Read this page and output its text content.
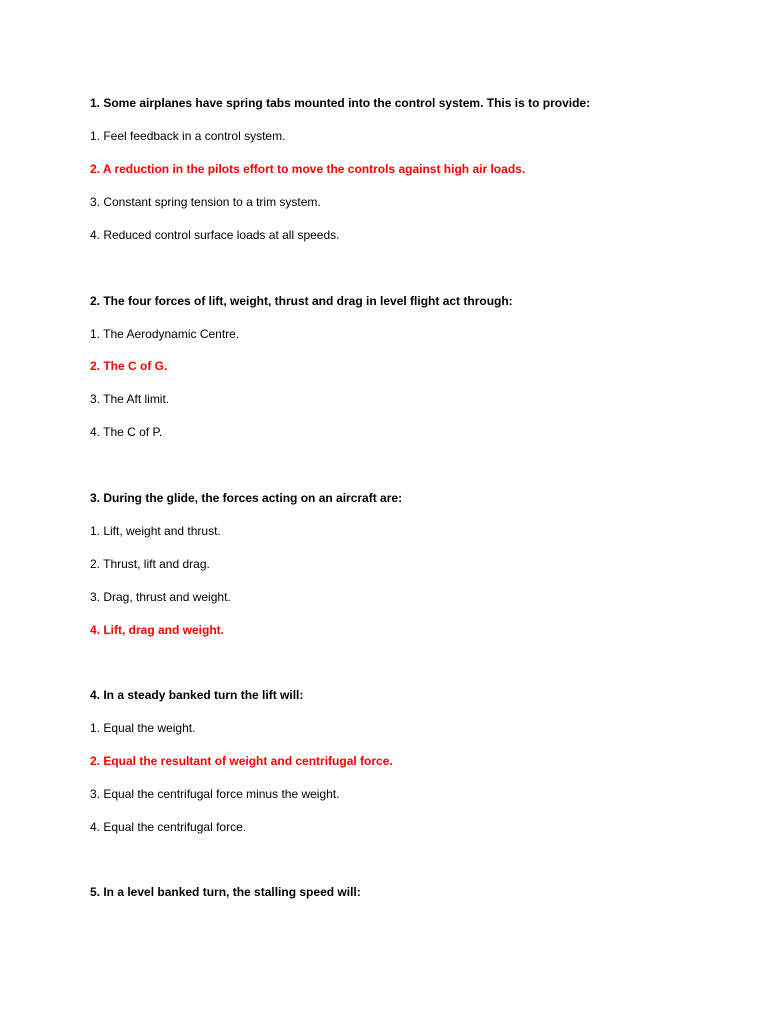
1. Some airplanes have spring tabs mounted into the control system. This is to provide:
1. Feel feedback in a control system.
2. A reduction in the pilots effort to move the controls against high air loads.
3. Constant spring tension to a trim system.
4. Reduced control surface loads at all speeds.
2. The four forces of lift, weight, thrust and drag in level flight act through:
1. The Aerodynamic Centre.
2. The C of G.
3. The Aft limit.
4. The C of P.
3. During the glide, the forces acting on an aircraft are:
1. Lift, weight and thrust.
2. Thrust, lift and drag.
3. Drag, thrust and weight.
4. Lift, drag and weight.
4. In a steady banked turn the lift will:
1. Equal the weight.
2. Equal the resultant of weight and centrifugal force.
3. Equal the centrifugal force minus the weight.
4. Equal the centrifugal force.
5. In a level banked turn, the stalling speed will:
